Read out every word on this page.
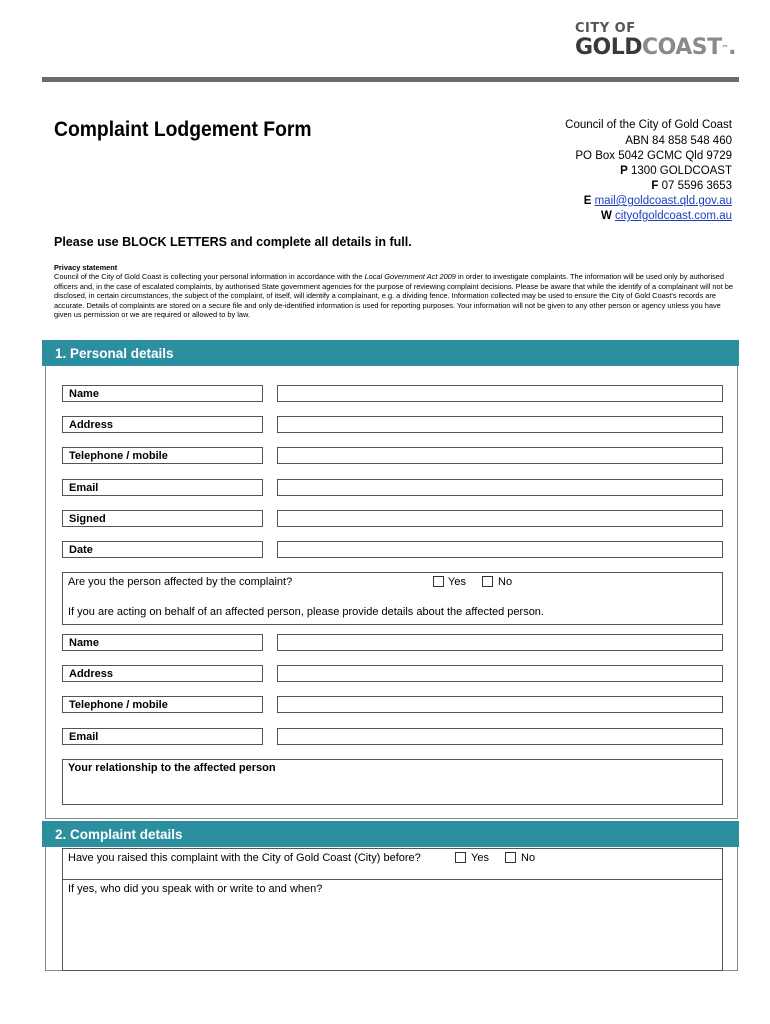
CITY OF
GOLDCOAST™.
Complaint Lodgement Form	Council of the City of Gold Coast
ABN 84 858 548 460
PO Box 5042 GCMC Qld 9729
P 1300 GOLDCOAST
F 07 5596 3653
E mail@goldcoast.qld.gov.au
W cityofgoldcoast.com.au
Please use BLOCK LETTERS and complete all details in full.
Privacy statement
Council of the City of Gold Coast is collecting your personal information in accordance with the Local Government Act 2009 in order to investigate complaints. The information will be used only by authorised officers and, in the case of escalated complaints, by authorised State government agencies for the purpose of reviewing complaint decisions. Please be aware that while the identify of a complainant will not be disclosed, in certain circumstances, the subject of the complaint, of itself, will identify a complainant, e.g. a dividing fence. Information collected may be used to ensure the City of Gold Coast's records are accurate. Details of complaints are stored on a secure file and only de-identified information is used for reporting purposes. Your information will not be given to any other person or agency unless you have given us permission or we are required or allowed to by law.
1. Personal details
Name
Address
Telephone / mobile
Email
Signed
Date
Are you the person affected by the complaint?	Yes	No
If you are acting on behalf of an affected person, please provide details about the affected person.
Name
Address
Telephone / mobile
Email
Your relationship to the affected person
2. Complaint details
Have you raised this complaint with the City of Gold Coast (City) before?	Yes	No
If yes, who did you speak with or write to and when?
